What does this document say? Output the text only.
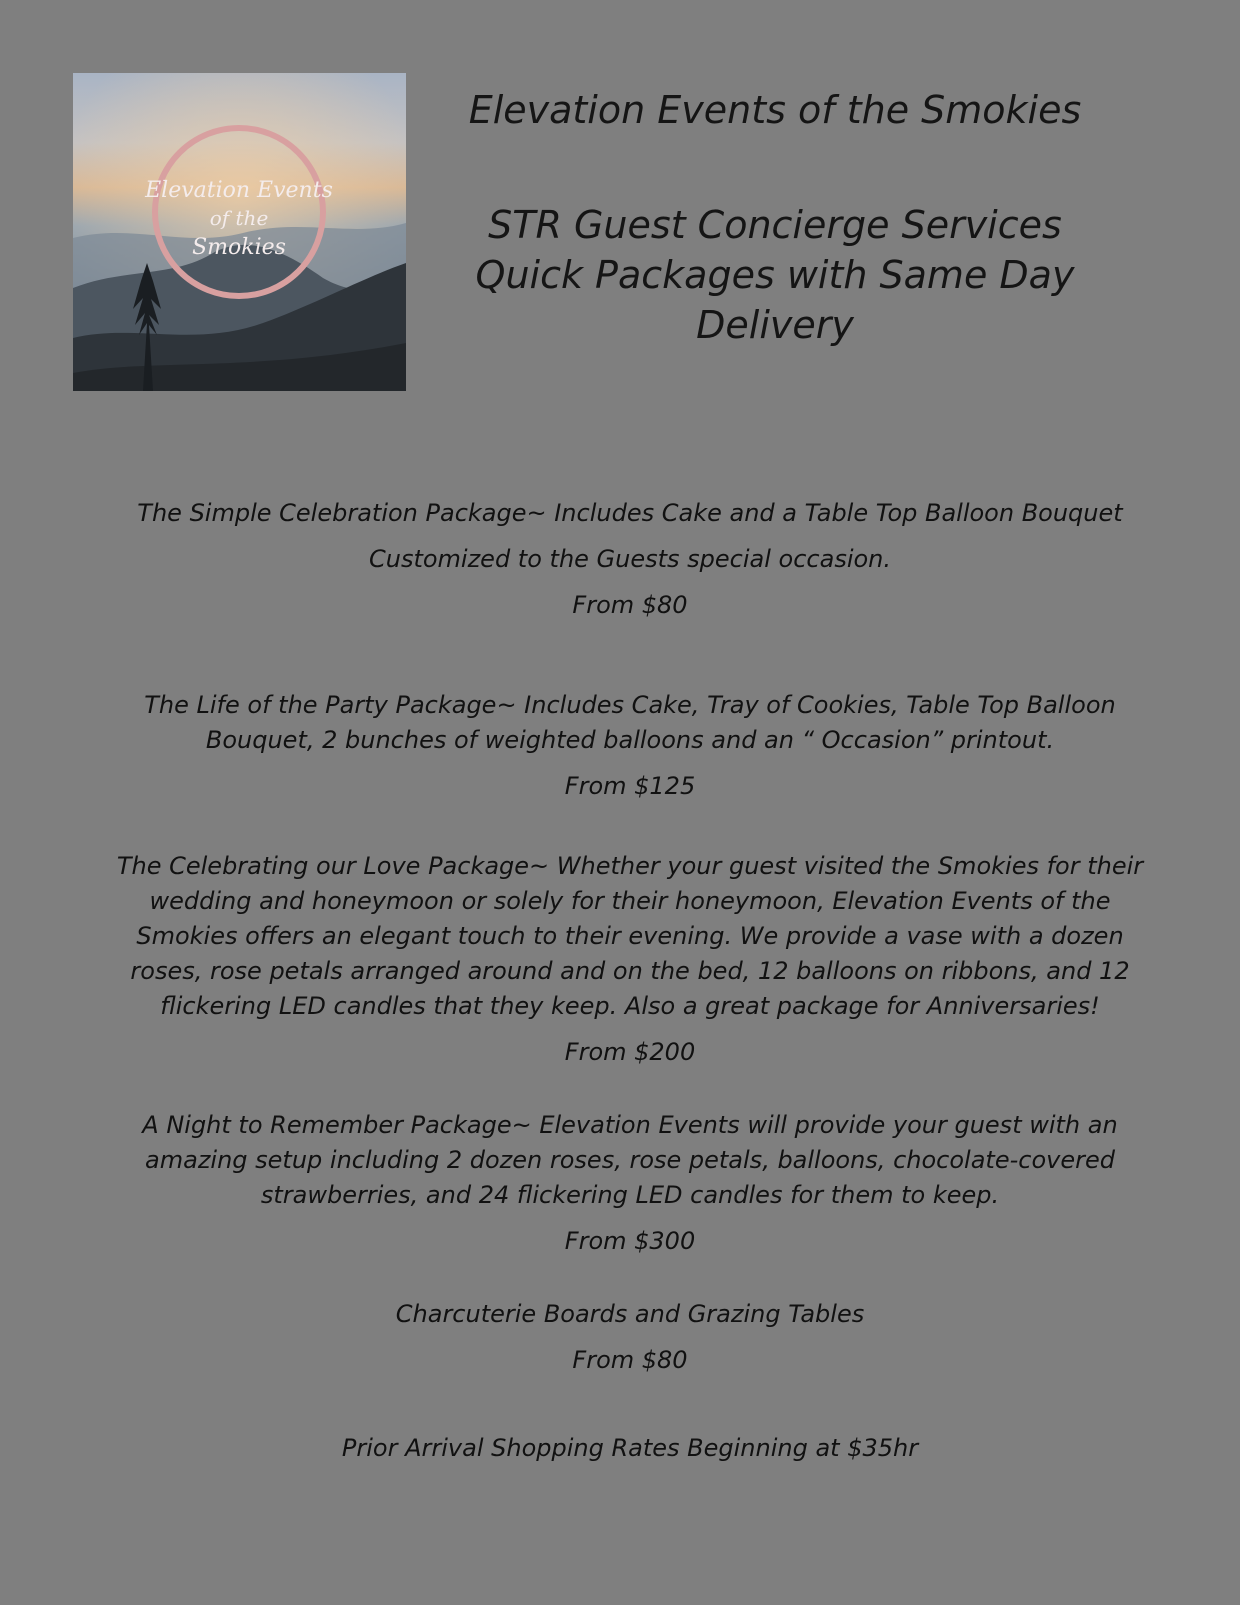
Elevation Events
of the
Smokies
Elevation Events of the Smokies
STR Guest Concierge Services
Quick Packages with Same Day
Delivery

The Simple Celebration Package~ Includes Cake and a Table Top Balloon Bouquet

Customized to the Guests special occasion.

From $80

The Life of the Party Package~ Includes Cake, Tray of Cookies, Table Top Balloon

Bouquet, 2 bunches of weighted balloons and an “ Occasion” printout.

From $125

The Celebrating our Love Package~ Whether your guest visited the Smokies for their

wedding and honeymoon or solely for their honeymoon, Elevation Events of the

Smokies offers an elegant touch to their evening. We provide a vase with a dozen

roses, rose petals arranged around and on the bed, 12 balloons on ribbons, and 12

flickering LED candles that they keep. Also a great package for Anniversaries!

From $200

A Night to Remember Package~ Elevation Events will provide your guest with an

amazing setup including 2 dozen roses, rose petals, balloons, chocolate-covered

strawberries, and 24 flickering LED candles for them to keep.

From $300

Charcuterie Boards and Grazing Tables

From $80

Prior Arrival Shopping Rates Beginning at $35hr
